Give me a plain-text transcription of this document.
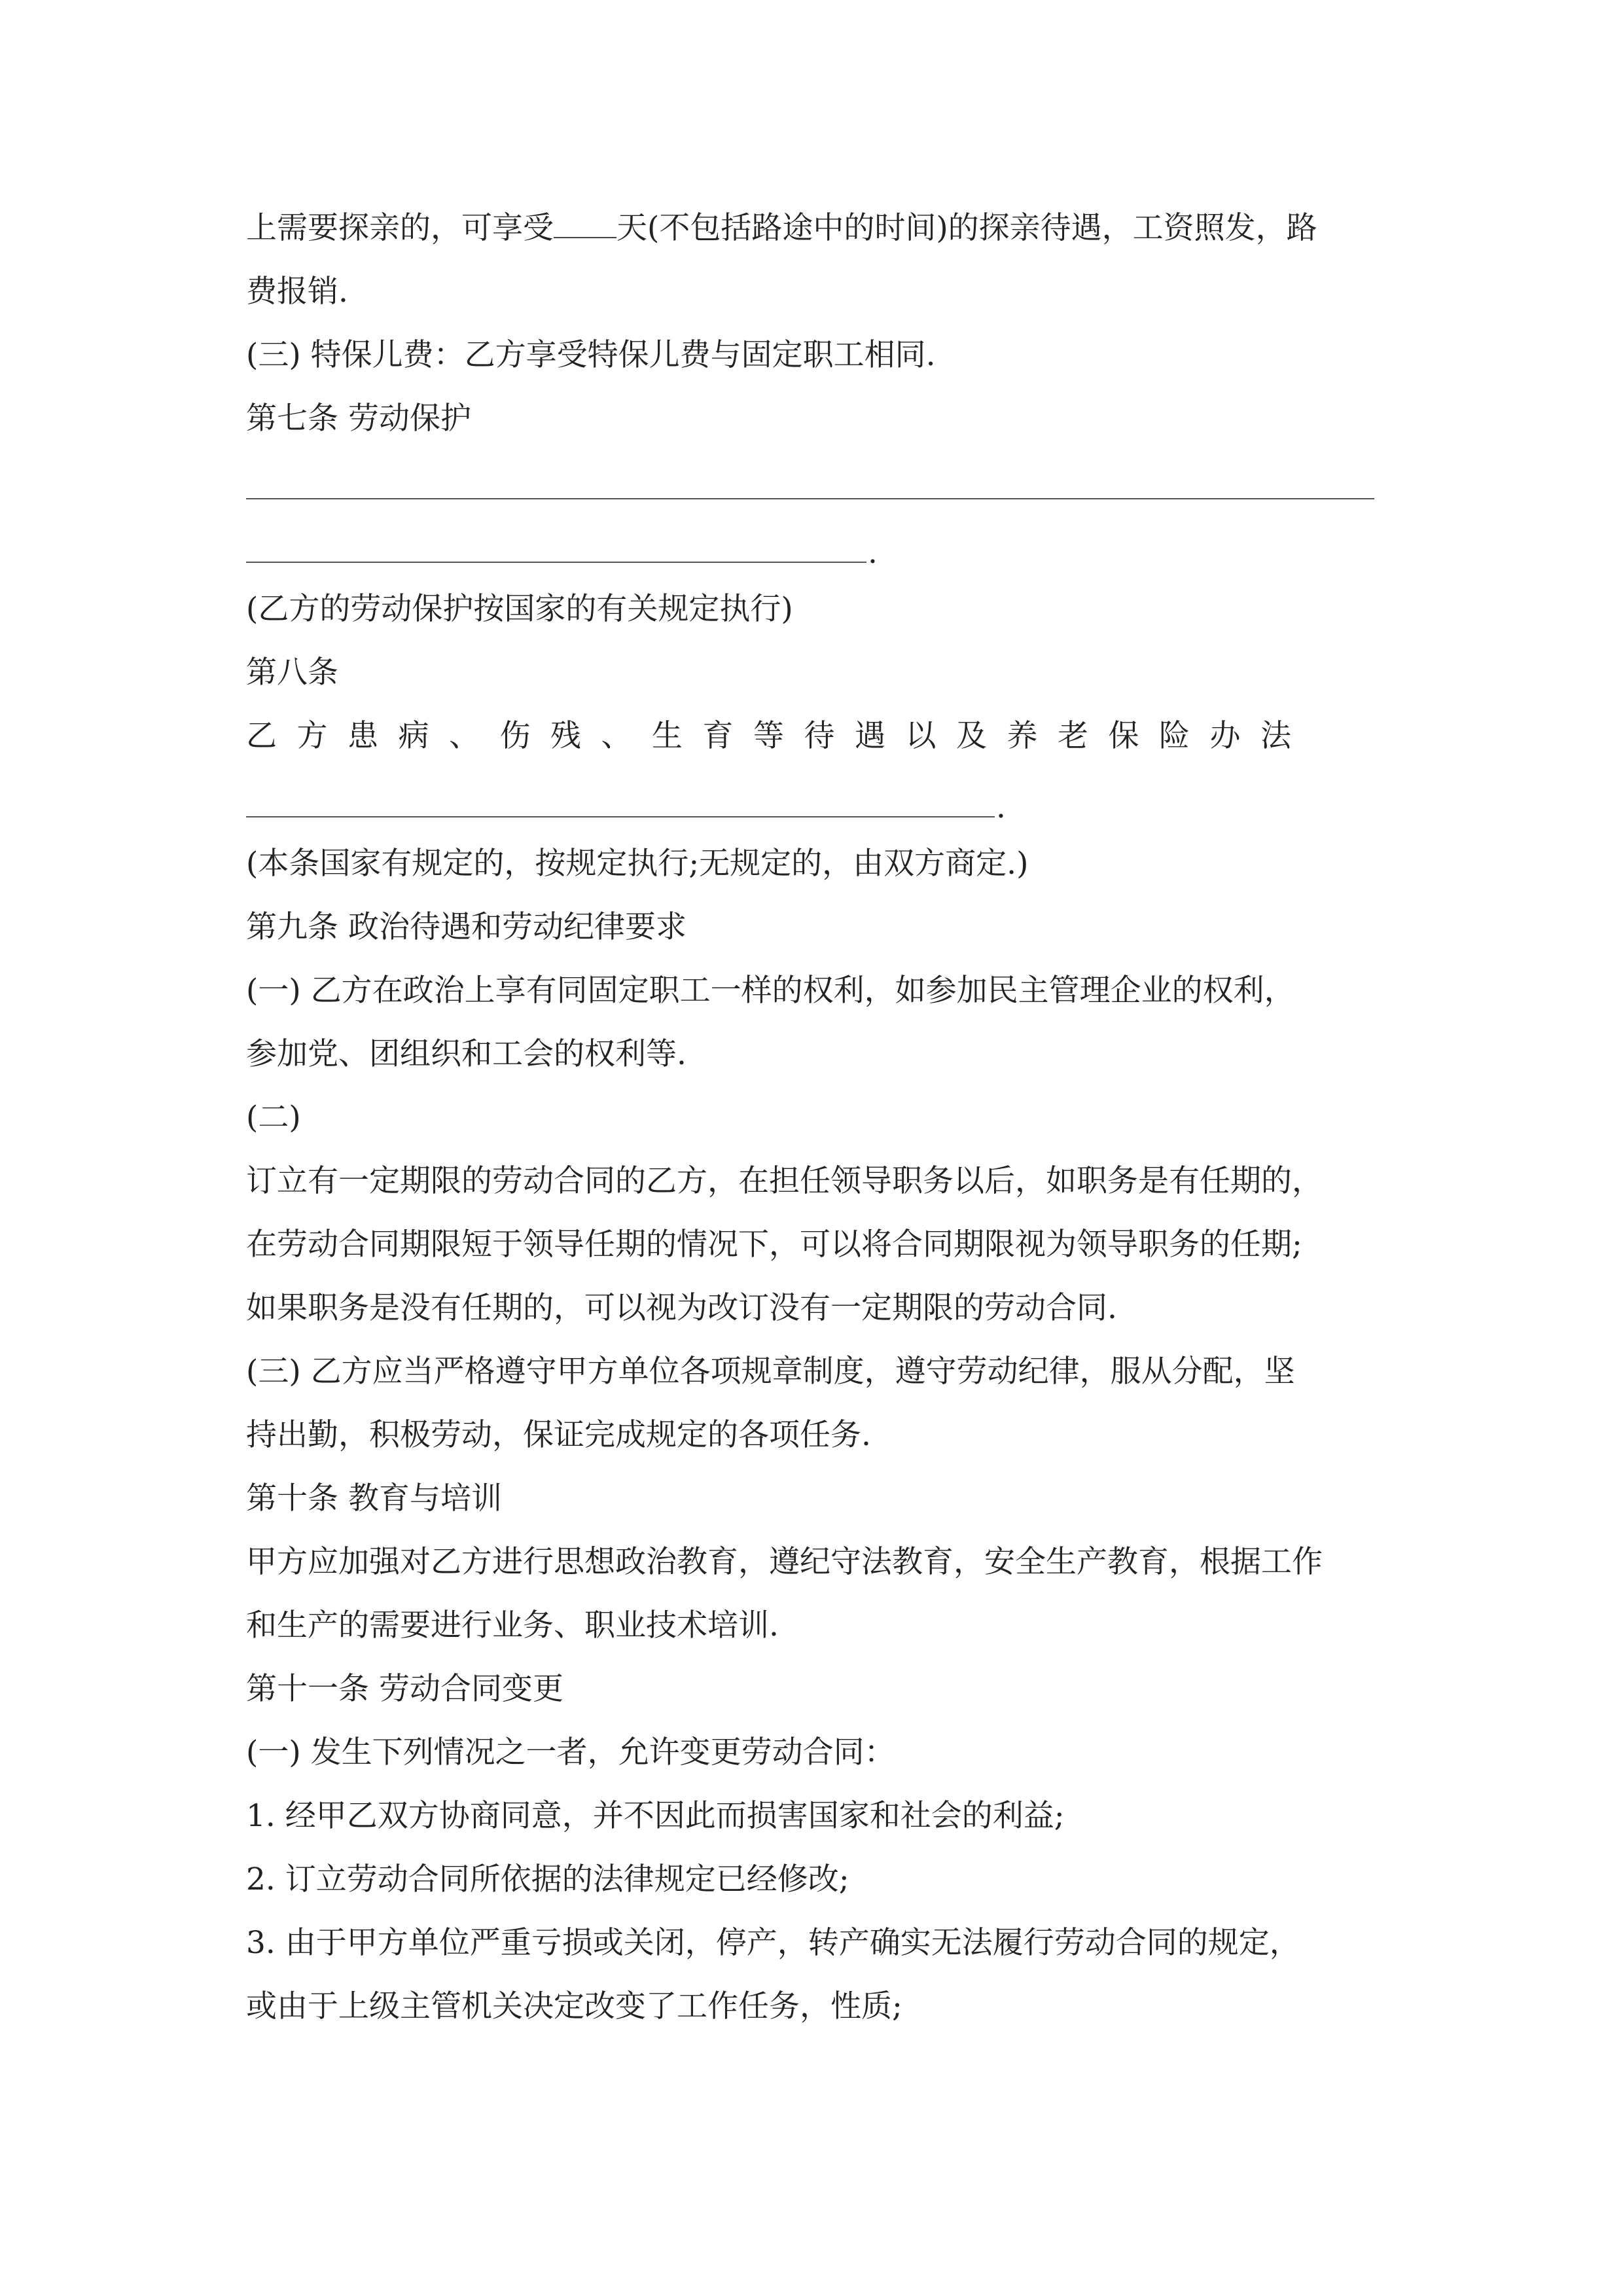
上需要探亲的，可享受 天(不包括路途中的时间)的探亲待遇，工资照发，路

费报销.

(三) 特保儿费：乙方享受特保儿费与固定职工相同.

第七条 劳动保护

.

(乙方的劳动保护按国家的有关规定执行)

第八条

乙方患病、伤残、生育等待遇以及养老保险办法

.

(本条国家有规定的，按规定执行;无规定的，由双方商定.)

第九条 政治待遇和劳动纪律要求

(一) 乙方在政治上享有同固定职工一样的权利，如参加民主管理企业的权利，

参加党、团组织和工会的权利等.

(二)

订立有一定期限的劳动合同的乙方，在担任领导职务以后，如职务是有任期的，

在劳动合同期限短于领导任期的情况下，可以将合同期限视为领导职务的任期;

如果职务是没有任期的，可以视为改订没有一定期限的劳动合同.

(三) 乙方应当严格遵守甲方单位各项规章制度，遵守劳动纪律，服从分配，坚

持出勤，积极劳动，保证完成规定的各项任务.

第十条 教育与培训

甲方应加强对乙方进行思想政治教育，遵纪守法教育，安全生产教育，根据工作

和生产的需要进行业务、职业技术培训.

第十一条 劳动合同变更

(一) 发生下列情况之一者，允许变更劳动合同：

1. 经甲乙双方协商同意，并不因此而损害国家和社会的利益;

2. 订立劳动合同所依据的法律规定已经修改;

3. 由于甲方单位严重亏损或关闭，停产，转产确实无法履行劳动合同的规定，

或由于上级主管机关决定改变了工作任务，性质;
